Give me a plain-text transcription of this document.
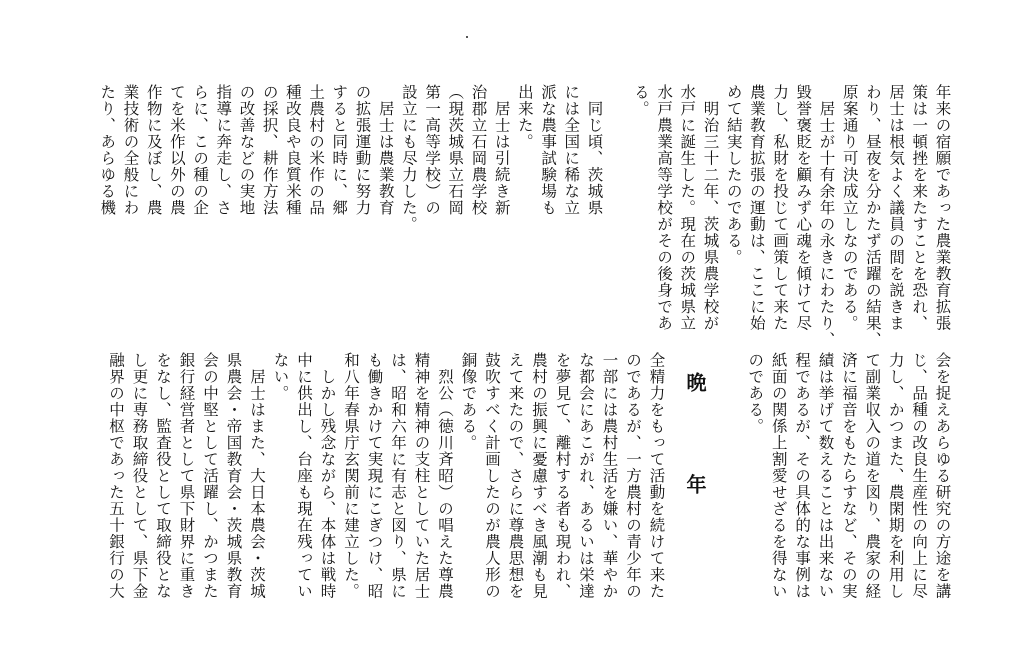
年来の宿願であった農業教育拡張
策は一頓挫を来たすことを恐れ、
居士は根気よく議員の間を説きま
わり、昼夜を分かたず活躍の結果、
原案通り可決成立しなのである。
　居士が十有余年の永きにわたり、
毀誉褒貶を顧みず心魂を傾けて尽
力し、私財を投じて画策して来た
農業教育拡張の運動は、ここに始
めて結実したのである。
　明治三十二年、茨城県農学校が
水戸に誕生した。現在の茨城県立
水戸農業高等学校がその後身であ
る。
　同じ頃、茨城県
には全国に稀な立
派な農事試験場も
出来た。
　居士は引続き新
治郡立石岡農学校
（現茨城県立石岡
第一高等学校）の
設立にも尽力した。
　居士は農業教育
の拡張運動に努力
すると同時に、郷
土農村の米作の品
種改良や良質米種
の採択、耕作方法
の改善などの実地
指導に奔走し、さ
らに、この種の企
てを米作以外の農
作物に及ぼし、農
業技術の全般にわ
たり、あらゆる機
会を捉えあらゆる研究の方途を講
じ、品種の改良生産性の向上に尽
力し、かつまた、農閑期を利用し
て副業収入の道を図り、農家の経
済に福音をもたらすなど、その実
績は挙げて数えることは出来ない
程であるが、その具体的な事例は
紙面の関係上割愛せざるを得ない
のである。
晩　　年
全精力をもって活動を続けて来た
のであるが、一方農村の青少年の
一部には農村生活を嫌い、華やか
な都会にあこがれ、あるいは栄達
を夢見て、離村する者も現われ、
農村の振興に憂慮すべき風潮も見
えて来たので、さらに尊農思想を
鼓吹すべく計画したのが農人形の
銅像である。
　烈公（徳川斉昭）の唱えた尊農
精神を精神の支柱としていた居士
は、昭和六年に有志と図り、県に
も働きかけて実現にこぎつけ、昭
和八年春県庁玄関前に建立した。
　しかし残念ながら、本体は戦時
中に供出し、台座も現在残ってい
ない。
　居士はまた、大日本農会・茨城
県農会・帝国教育会・茨城県教育
会の中堅として活躍し、かつまた
銀行経営者として県下財界に重き
をなし、監査役として取締役とな
し更に専務取締役として、県下金
融界の中枢であった五十銀行の大
